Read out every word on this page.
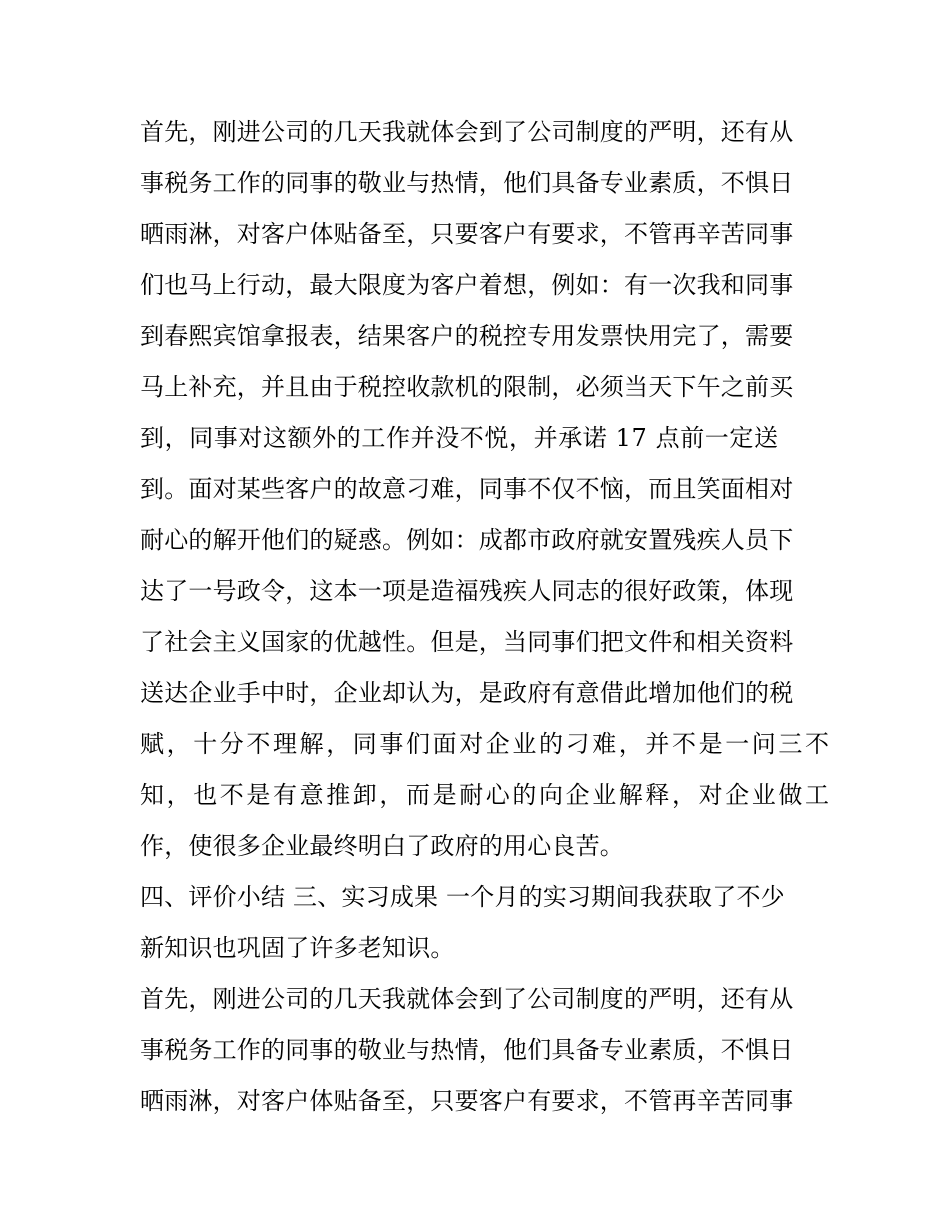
首先，刚进公司的几天我就体会到了公司制度的严明，还有从
事税务工作的同事的敬业与热情，他们具备专业素质，不惧日
晒雨淋，对客户体贴备至，只要客户有要求，不管再辛苦同事
们也马上行动，最大限度为客户着想，例如：有一次我和同事
到春熙宾馆拿报表，结果客户的税控专用发票快用完了，需要
马上补充，并且由于税控收款机的限制，必须当天下午之前买
到，同事对这额外的工作并没不悦，并承诺 17 点前一定送
到。面对某些客户的故意刁难，同事不仅不恼，而且笑面相对
耐心的解开他们的疑惑。例如：成都市政府就安置残疾人员下
达了一号政令，这本一项是造福残疾人同志的很好政策，体现
了社会主义国家的优越性。但是，当同事们把文件和相关资料
送达企业手中时，企业却认为，是政府有意借此增加他们的税
赋，十分不理解，同事们面对企业的刁难，并不是一问三不
知，也不是有意推卸，而是耐心的向企业解释，对企业做工
作，使很多企业最终明白了政府的用心良苦。
四、评价小结 三、实习成果 一个月的实习期间我获取了不少
新知识也巩固了许多老知识。
首先，刚进公司的几天我就体会到了公司制度的严明，还有从
事税务工作的同事的敬业与热情，他们具备专业素质，不惧日
晒雨淋，对客户体贴备至，只要客户有要求，不管再辛苦同事
